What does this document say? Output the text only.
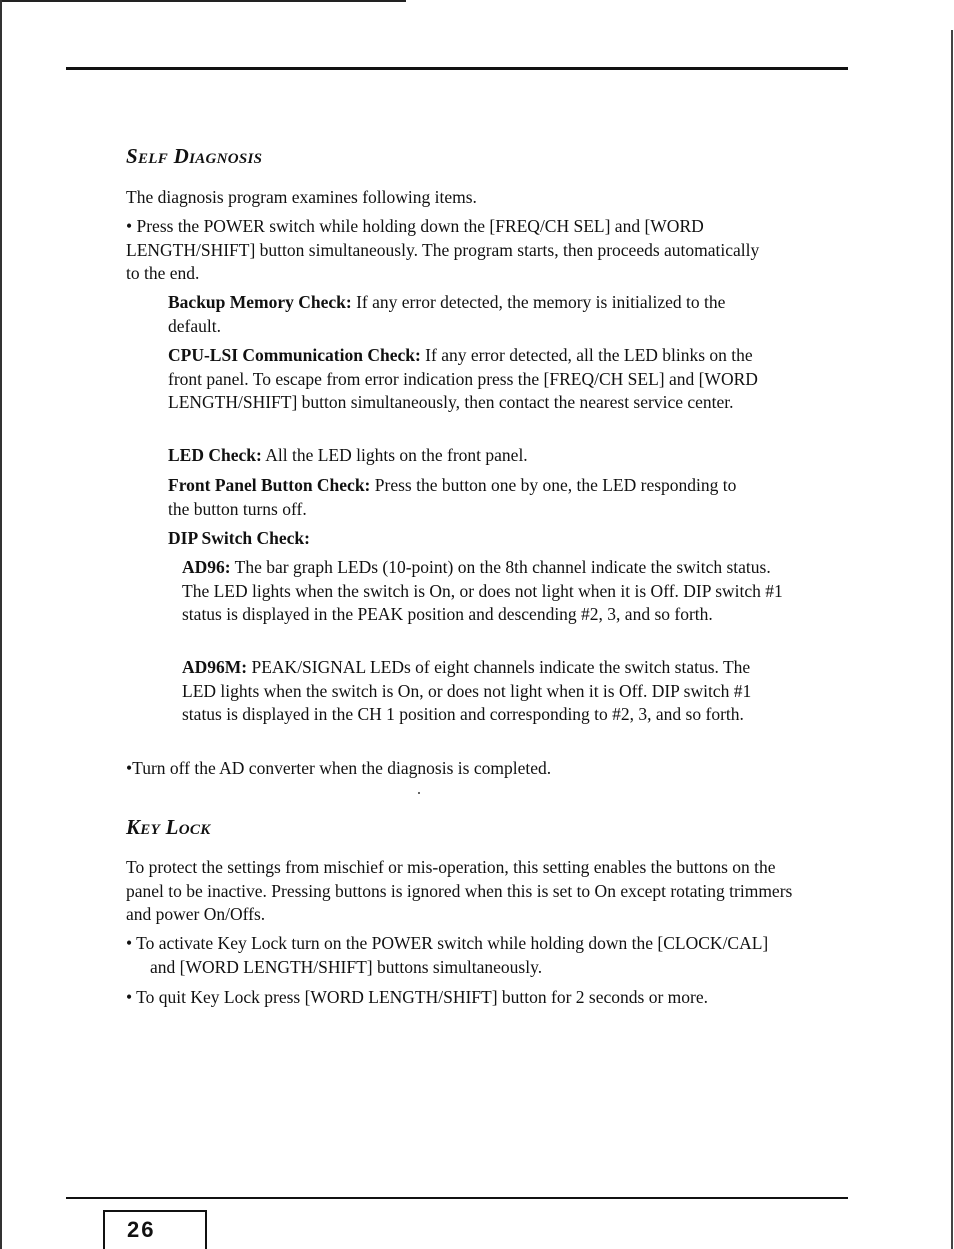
Self Diagnosis
The diagnosis program examines following items.
• Press the POWER switch while holding down the [FREQ/CH SEL] and [WORD LENGTH/SHIFT] button simultaneously. The program starts, then proceeds automatically to the end.
Backup Memory Check: If any error detected, the memory is initialized to the default.
CPU-LSI Communication Check: If any error detected, all the LED blinks on the front panel. To escape from error indication press the [FREQ/CH SEL] and [WORD LENGTH/SHIFT] button simultaneously, then contact the nearest service center.
LED Check: All the LED lights on the front panel.
Front Panel Button Check: Press the button one by one, the LED responding to the button turns off.
DIP Switch Check:
AD96: The bar graph LEDs (10-point) on the 8th channel indicate the switch status. The LED lights when the switch is On, or does not light when it is Off. DIP switch #1 status is displayed in the PEAK position and descending #2, 3, and so forth.
AD96M: PEAK/SIGNAL LEDs of eight channels indicate the switch status. The LED lights when the switch is On, or does not light when it is Off. DIP switch #1 status is displayed in the CH 1 position and corresponding to #2, 3, and so forth.
•Turn off the AD converter when the diagnosis is completed.
Key Lock
To protect the settings from mischief or mis-operation, this setting enables the buttons on the panel to be inactive. Pressing buttons is ignored when this is set to On except rotating trimmers and power On/Offs.
• To activate Key Lock turn on the POWER switch while holding down the [CLOCK/CAL] and [WORD LENGTH/SHIFT] buttons simultaneously.
• To quit Key Lock press [WORD LENGTH/SHIFT] button for 2 seconds or more.
26
